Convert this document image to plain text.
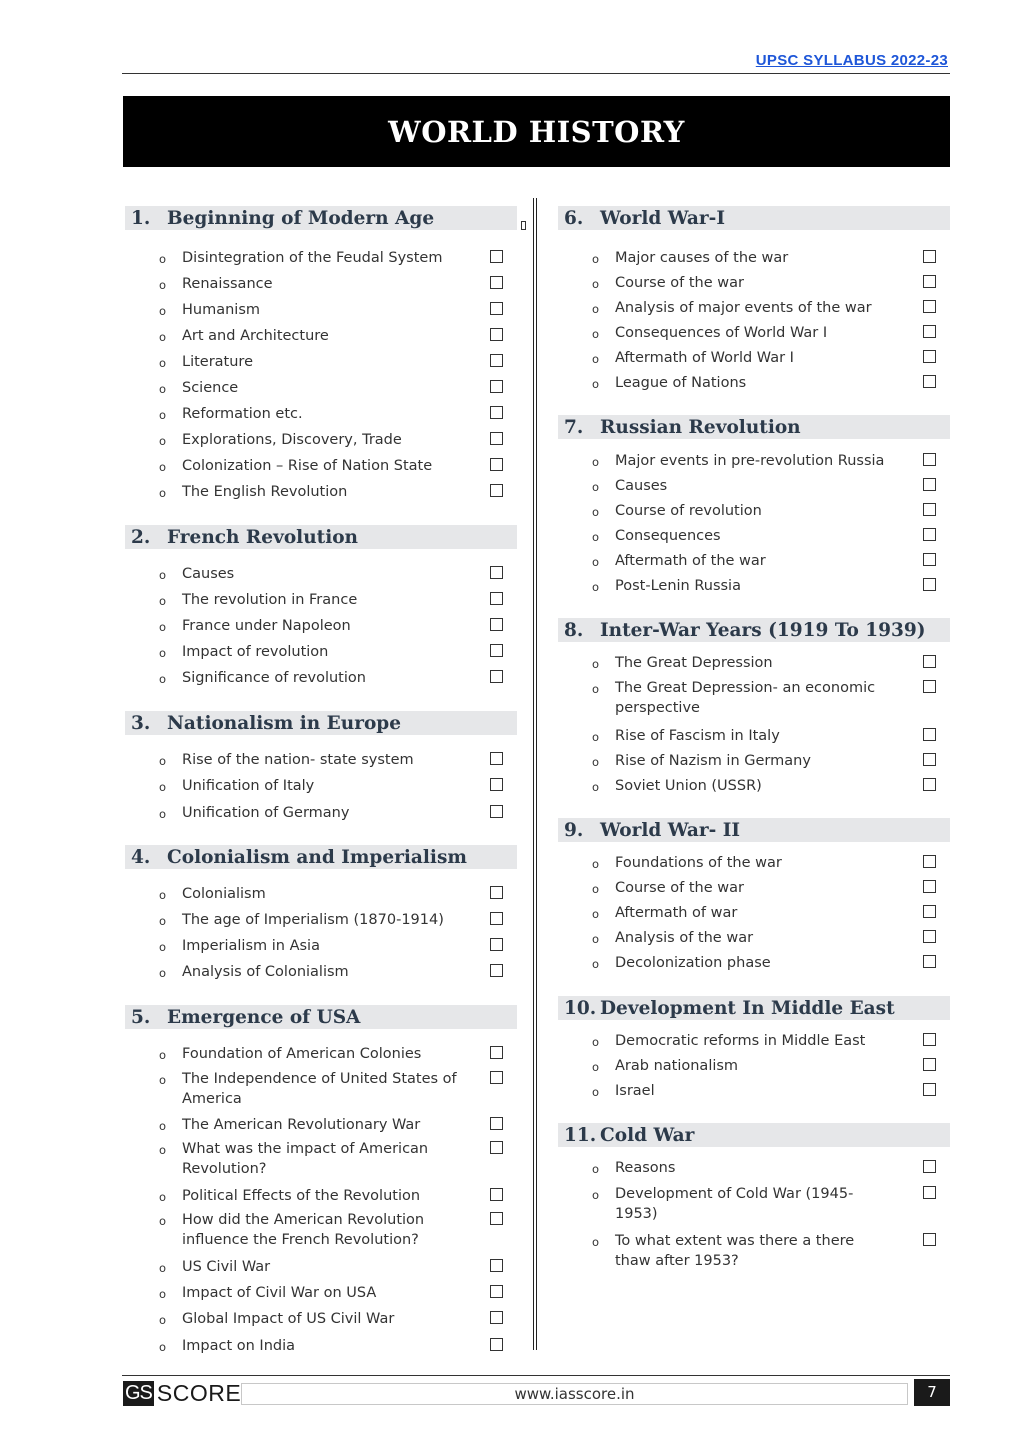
UPSC SYLLABUS 2022-23
WORLD HISTORY
1. Beginning of Modern Age
o Disintegration of the Feudal System
o Renaissance
o Humanism
o Art and Architecture
o Literature
o Science
o Reformation etc.
o Explorations, Discovery, Trade
o Colonization – Rise of Nation State
o The English Revolution
2. French Revolution
o Causes
o The revolution in France
o France under Napoleon
o Impact of revolution
o Significance of revolution
3. Nationalism in Europe
o Rise of the nation- state system
o Unification of Italy
o Unification of Germany
4. Colonialism and Imperialism
o Colonialism
o The age of Imperialism (1870-1914)
o Imperialism in Asia
o Analysis of Colonialism
5. Emergence of USA
o Foundation of American Colonies
o The Independence of United States of America
o The American Revolutionary War
o What was the impact of American Revolution?
o Political Effects of the Revolution
o How did the American Revolution influence the French Revolution?
o US Civil War
o Impact of Civil War on USA
o Global Impact of US Civil War
o Impact on India
6. World War-I
o Major causes of the war
o Course of the war
o Analysis of major events of the war
o Consequences of World War I
o Aftermath of World War I
o League of Nations
7. Russian Revolution
o Major events in pre-revolution Russia
o Causes
o Course of revolution
o Consequences
o Aftermath of the war
o Post-Lenin Russia
8. Inter-War Years (1919 To 1939)
o The Great Depression
o The Great Depression- an economic perspective
o Rise of Fascism in Italy
o Rise of Nazism in Germany
o Soviet Union (USSR)
9. World War- II
o Foundations of the war
o Course of the war
o Aftermath of war
o Analysis of the war
o Decolonization phase
10. Development In Middle East
o Democratic reforms in Middle East
o Arab nationalism
o Israel
11. Cold War
o Reasons
o Development of Cold War (1945-1953)
o To what extent was there a there thaw after 1953?
GS SCORE	www.iasscore.in	7
